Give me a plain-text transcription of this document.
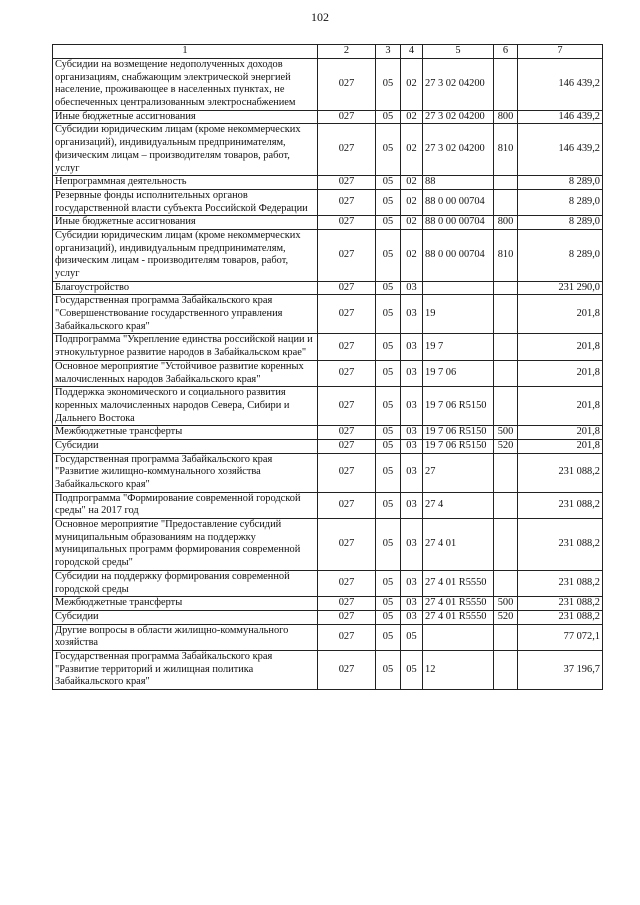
102
1	2	3	4	5	6	7
Субсидии на возмещение недополученных доходов организациям, снабжающим электрической энергией население, проживающее в населенных пунктах, не обеспеченных централизованным электроснабжением	027	05	02	27 3 02 04200		146 439,2
Иные бюджетные ассигнования	027	05	02	27 3 02 04200	800	146 439,2
Субсидии юридическим лицам (кроме некоммерческих организаций), индивидуальным предпринимателям, физическим лицам – производителям товаров, работ, услуг	027	05	02	27 3 02 04200	810	146 439,2
Непрограммная деятельность	027	05	02	88		8 289,0
Резервные фонды исполнительных органов государственной власти субъекта Российской Федерации	027	05	02	88 0 00 00704		8 289,0
Иные бюджетные ассигнования	027	05	02	88 0 00 00704	800	8 289,0
Субсидии юридическим лицам (кроме некоммерческих организаций), индивидуальным предпринимателям, физическим лицам - производителям товаров, работ, услуг	027	05	02	88 0 00 00704	810	8 289,0
Благоустройство	027	05	03			231 290,0
Государственная программа Забайкальского края "Совершенствование государственного управления Забайкальского края"	027	05	03	19		201,8
Подпрограмма "Укрепление единства российской нации и этнокультурное развитие народов в Забайкальском крае"	027	05	03	19 7		201,8
Основное мероприятие "Устойчивое развитие коренных малочисленных народов Забайкальского края"	027	05	03	19 7 06		201,8
Поддержка экономического и социального развития коренных малочисленных народов Севера, Сибири и Дальнего Востока	027	05	03	19 7 06 R5150		201,8
Межбюджетные трансферты	027	05	03	19 7 06 R5150	500	201,8
Субсидии	027	05	03	19 7 06 R5150	520	201,8
Государственная программа Забайкальского края "Развитие жилищно-коммунального хозяйства Забайкальского края"	027	05	03	27		231 088,2
Подпрограмма "Формирование современной городской среды" на 2017 год	027	05	03	27 4		231 088,2
Основное мероприятие "Предоставление субсидий муниципальным образованиям на поддержку муниципальных программ формирования современной городской среды"	027	05	03	27 4 01		231 088,2
Субсидии на поддержку формирования современной городской среды	027	05	03	27 4 01 R5550		231 088,2
Межбюджетные трансферты	027	05	03	27 4 01 R5550	500	231 088,2
Субсидии	027	05	03	27 4 01 R5550	520	231 088,2
Другие вопросы в области жилищно-коммунального хозяйства	027	05	05			77 072,1
Государственная программа Забайкальского края "Развитие территорий и жилищная политика Забайкальского края"	027	05	05	12		37 196,7
